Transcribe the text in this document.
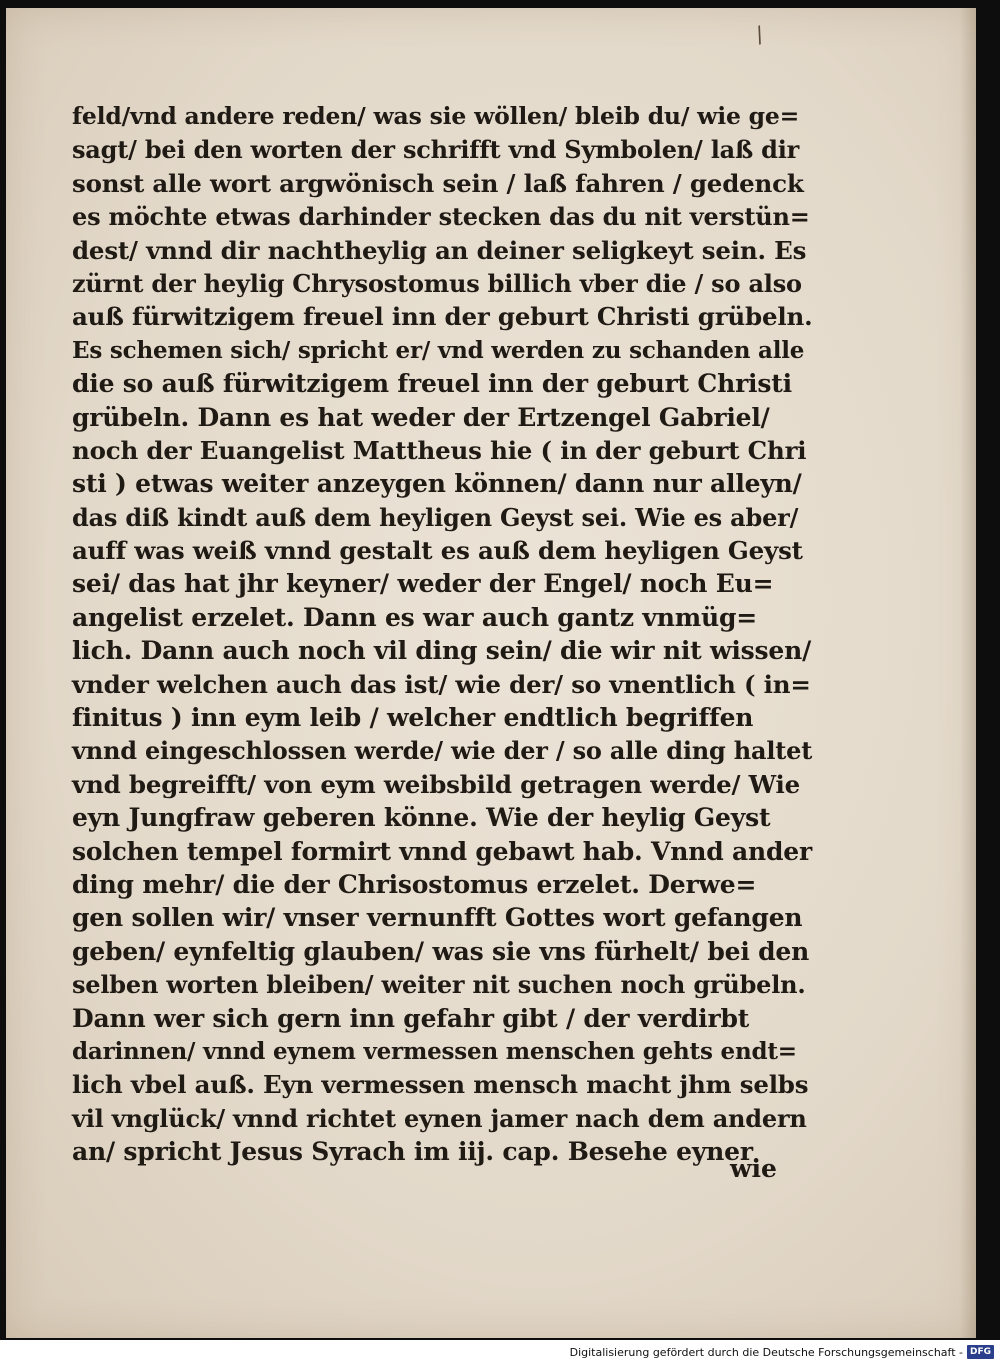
/
feld/vnd andere reden/ was sie wöllen/ bleib du/ wie ge=
sagt/ bei den worten der schrifft vnd Symbolen/ laß dir
sonst alle wort argwönisch sein / laß fahren / gedenck
es möchte etwas darhinder stecken das du nit verstün=
dest/ vnnd dir nachtheylig an deiner seligkeyt sein. Es
zürnt der heylig Chrysostomus billich vber die / so also
auß fürwitzigem freuel inn der geburt Christi grübeln.
Es schemen sich/ spricht er/ vnd werden zu schanden alle
die so auß fürwitzigem freuel inn der geburt Christi
grübeln. Dann es hat weder der Ertzengel Gabriel/
noch der Euangelist Mattheus hie ( in der geburt Chri
sti ) etwas weiter anzeygen können/ dann nur alleyn/
das diß kindt auß dem heyligen Geyst sei. Wie es aber/
auff was weiß vnnd gestalt es auß dem heyligen Geyst
sei/ das hat jhr keyner/ weder der Engel/ noch Eu=
angelist erzelet. Dann es war auch gantz vnmüg=
lich. Dann auch noch vil ding sein/ die wir nit wissen/
vnder welchen auch das ist/ wie der/ so vnentlich ( in=
finitus ) inn eym leib / welcher endtlich begriffen
vnnd eingeschlossen werde/ wie der / so alle ding haltet
vnd begreifft/ von eym weibsbild getragen werde/ Wie
eyn Jungfraw geberen könne. Wie der heylig Geyst
solchen tempel formirt vnnd gebawt hab. Vnnd ander
ding mehr/ die der Chrisostomus erzelet. Derwe=
gen sollen wir/ vnser vernunfft Gottes wort gefangen
geben/ eynfeltig glauben/ was sie vns fürhelt/ bei den
selben worten bleiben/ weiter nit suchen noch grübeln.
Dann wer sich gern inn gefahr gibt / der verdirbt
darinnen/ vnnd eynem vermessen menschen gehts endt=
lich vbel auß. Eyn vermessen mensch macht jhm selbs
vil vnglück/ vnnd richtet eynen jamer nach dem andern
an/ spricht Jesus Syrach im iij. cap. Besehe eyner
wie
Digitalisierung gefördert durch die Deutsche Forschungsgemeinschaft - DFG
